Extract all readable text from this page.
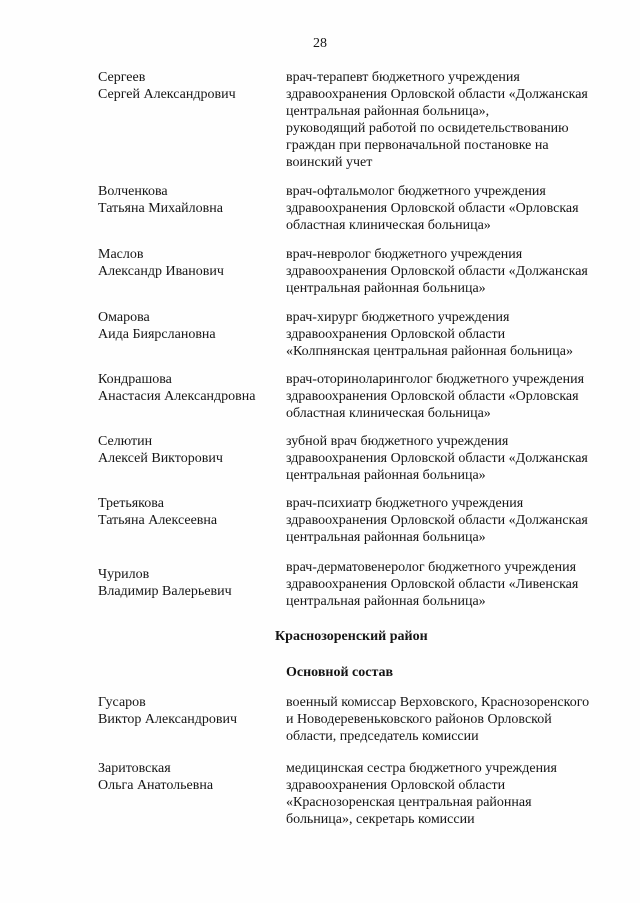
28
Сергеев
Сергей Александрович
врач-терапевт бюджетного учреждения
здравоохранения Орловской области «Должанская
центральная районная больница»,
руководящий работой по освидетельствованию
граждан при первоначальной постановке на
воинский учет
Волченкова
Татьяна Михайловна
врач-офтальмолог бюджетного учреждения
здравоохранения Орловской области «Орловская
областная клиническая больница»
Маслов
Александр Иванович
врач-невролог бюджетного учреждения
здравоохранения Орловской области «Должанская
центральная районная больница»
Омарова
Аида Биярслановна
врач-хирург бюджетного учреждения
здравоохранения Орловской области
«Колпнянская центральная районная больница»
Кондрашова
Анастасия Александровна
врач-оториноларинголог бюджетного учреждения
здравоохранения Орловской области «Орловская
областная клиническая больница»
Селютин
Алексей Викторович
зубной врач бюджетного учреждения
здравоохранения Орловской области «Должанская
центральная районная больница»
Третьякова
Татьяна Алексеевна
врач-психиатр бюджетного учреждения
здравоохранения Орловской области «Должанская
центральная районная больница»
Чурилов
Владимир Валерьевич
врач-дерматовенеролог бюджетного учреждения
здравоохранения Орловской области «Ливенская
центральная районная больница»
Краснозоренский район
Основной состав
Гусаров
Виктор Александрович
военный комиссар Верховского, Краснозоренского
и Новодеревеньковского районов Орловской
области, председатель комиссии
Заритовская
Ольга Анатольевна
медицинская сестра бюджетного учреждения
здравоохранения Орловской области
«Краснозоренская центральная районная
больница», секретарь комиссии
